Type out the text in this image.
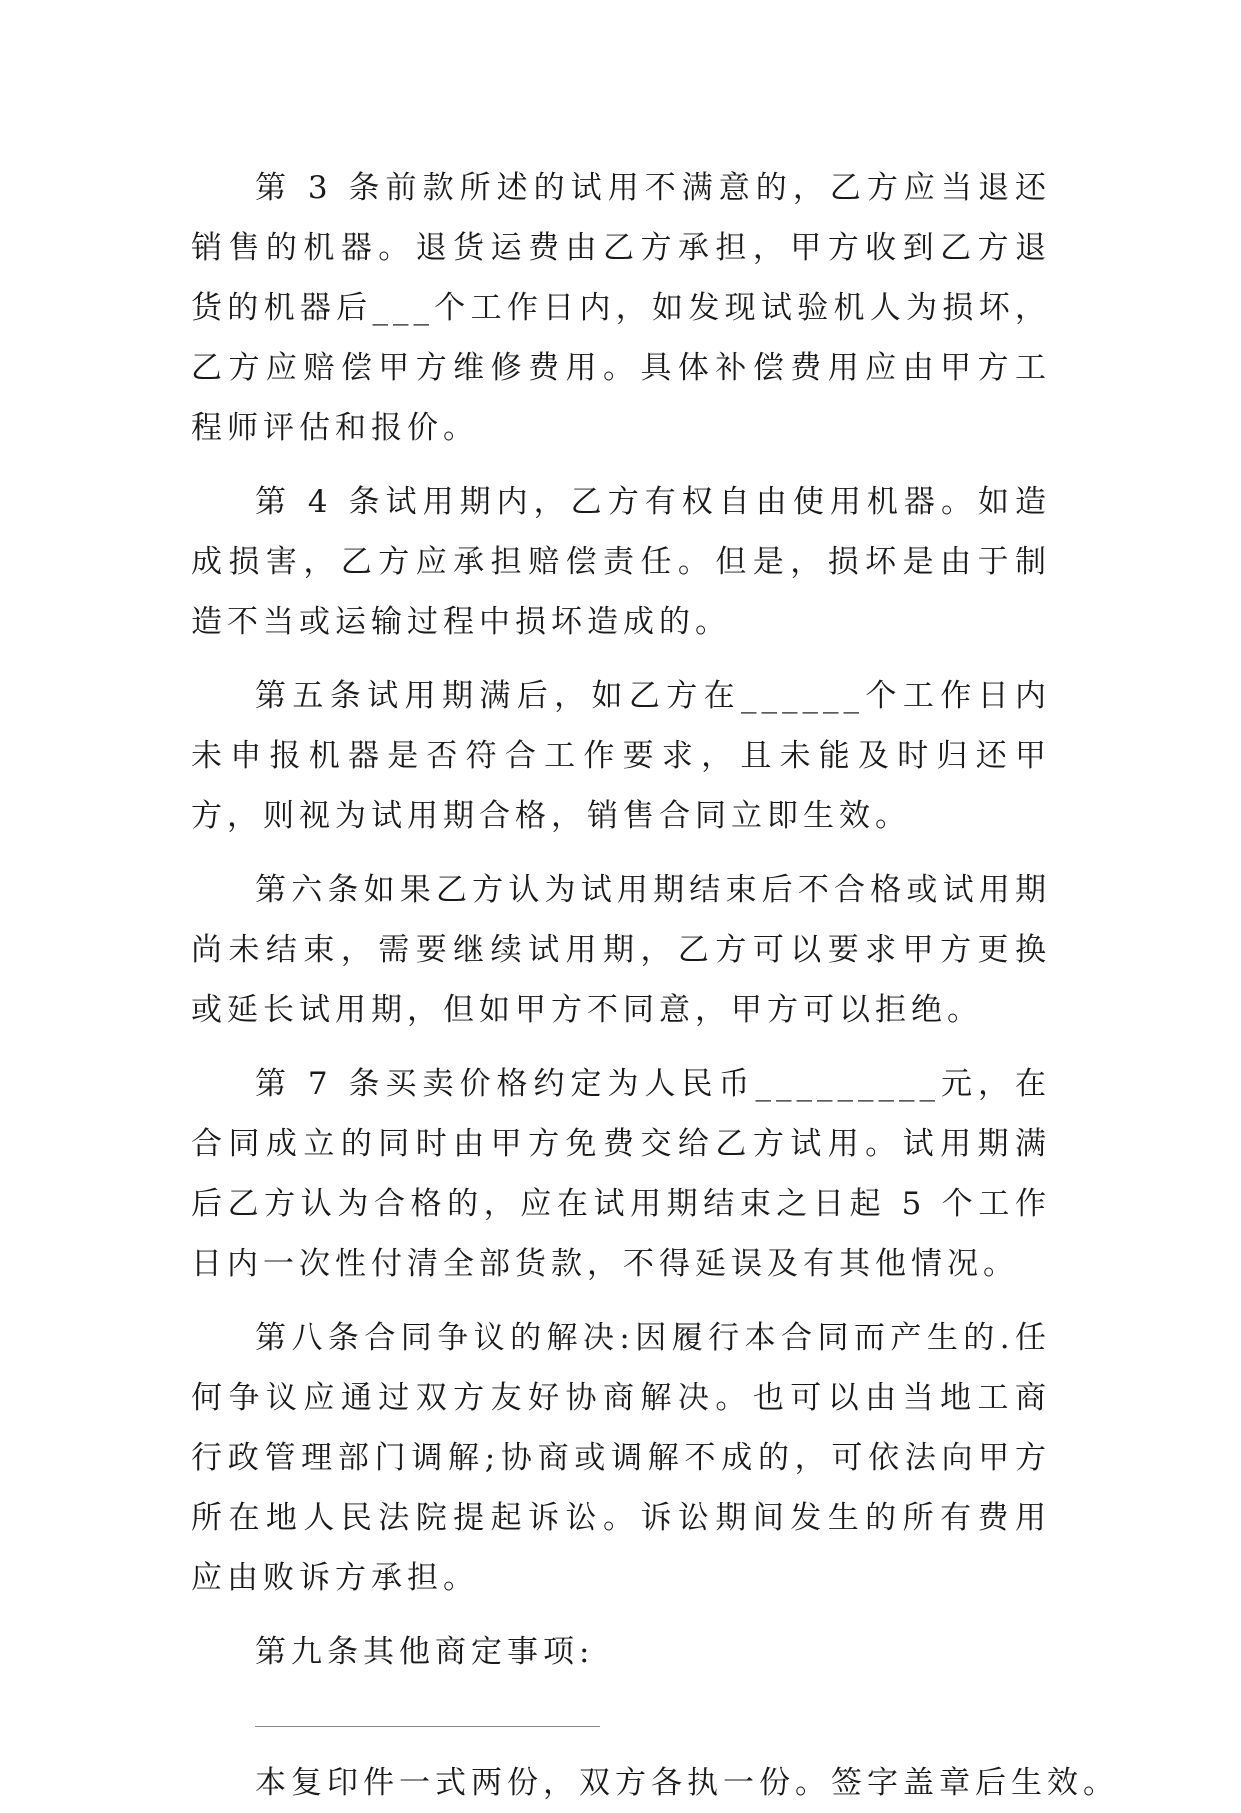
第 3 条前款所述的试用不满意的，乙方应当退还销售的机器。退货运费由乙方承担，甲方收到乙方退货的机器后___个工作日内，如发现试验机人为损坏，乙方应赔偿甲方维修费用。具体补偿费用应由甲方工程师评估和报价。

第 4 条试用期内，乙方有权自由使用机器。如造成损害，乙方应承担赔偿责任。但是，损坏是由于制造不当或运输过程中损坏造成的。

第五条试用期满后，如乙方在______个工作日内未申报机器是否符合工作要求，且未能及时归还甲方，则视为试用期合格，销售合同立即生效。

第六条如果乙方认为试用期结束后不合格或试用期尚未结束，需要继续试用期，乙方可以要求甲方更换或延长试用期，但如甲方不同意，甲方可以拒绝。

第 7 条买卖价格约定为人民币_________元，在合同成立的同时由甲方免费交给乙方试用。试用期满后乙方认为合格的，应在试用期结束之日起 5 个工作日内一次性付清全部货款，不得延误及有其他情况。

第八条合同争议的解决:因履行本合同而产生的.任何争议应通过双方友好协商解决。也可以由当地工商行政管理部门调解;协商或调解不成的，可依法向甲方所在地人民法院提起诉讼。诉讼期间发生的所有费用应由败诉方承担。

第九条其他商定事项:

本复印件一式两份，双方各执一份。签字盖章后生效。
